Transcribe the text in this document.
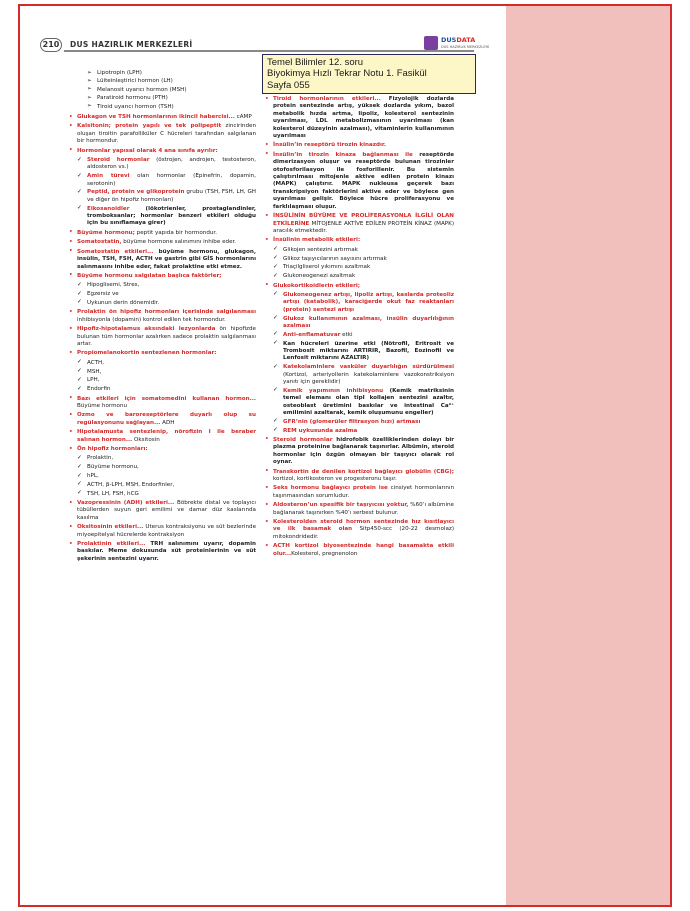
210	DUS HAZIRLIK MERKEZLERİ	DUSDATA
DUS HAZIRLIK MERKEZLERİ
Temel Bilimler 12. soru
Biyokimya Hızlı Tekrar Notu 1. Fasikül
Sayfa 055
➢ Lipotropin (LPH)
➢ Lüiteinleştirici hormon (LH)
➢ Melanosit uyarıcı hormon (MSH)
➢ Paratiroid hormonu (PTH)
➢ Tiroid uyarıcı hormon (TSH)
• Glukagon ve TSH hormonlarının ikincil habercisi... cAMP
• Kalsitonin; protein yapılı ve tek polipeptit zincirinden oluşan tiroitin parafolliküler C hücreleri tarafından salgılanan bir hormondur.
• Hormonlar yapısal olarak 4 ana sınıfa ayrılır:
✓ Steroid hormonlar (östrojen, androjen, testosteron, aldosteron vs.)
✓ Amin türevi olan hormonlar (Epinefrin, dopamin, serotonin)
✓ Peptid, protein ve glikoprotein grubu (TSH, FSH, LH, GH ve diğer ön hipofiz hormonları)
✓ Eikosanoidler (lökotrienler, prostaglandinler, tromboksanlar; hormonlar benzeri etkileri olduğu için bu sınıflamaya girer)
• Büyüme hormonu; peptit yapıda bir hormondur.
• Somatostatin, büyüme hormone salınımını inhibe eder.
• Somatostatin etkileri... büyüme hormonu, glukagon, insülin, TSH, FSH, ACTH ve gastrin gibi GİS hormonlarını salınmasını inhibe eder, fakat prolaktine etki etmez.
• Büyüme hormonu salgılatan başlıca faktörler;
✓ Hipoglisemi, Stres,
✓ Egzersiz ve
✓ Uykunun derin dönemidir.
• Prolaktin ön hipofiz hormonları içerisinde salgılanması inhibisyonla (dopamin) kontrol edilen tek hormondur.
• Hipofiz-hipotalamus aksındaki lezyonlarda ön hipofizde bulunan tüm hormonlar azalırken sadece prolaktin salgılanması artar.
• Propiomelanokortin sentezlenen hormonlar:
✓ ACTH,
✓ MSH,
✓ LPH,
✓ Endorfin
• Bazı etkileri için somatomedini kullanan hormon... Büyüme hormonu
• Ozmo ve baroreseptörlere duyarlı olup su regülasyonunu sağlayan... ADH
• Hipotalamusta sentezlenip, nörofizin I ile beraber salınan hormon... Oksitosin
• Ön hipofiz hormonları:
✓ Prolaktin,
✓ Büyüme hormonu,
✓ hPL,
✓ ACTH, β-LPH, MSH, Endorfinler,
✓ TSH, LH, FSH, hCG
• Vazopressinin (ADH) etkileri... Böbrekte distal ve toplayıcı tübüllerden suyun geri emilimi ve damar düz kaslarında kasılma
• Oksitosinin etkileri... Uterus kontraksiyonu ve süt bezlerinde miyoepitelyal hücrelerde kontraksiyon
• Prolaktinin etkileri... TRH salınımını uyarır, dopamin baskılar. Meme dokusunda süt proteinlerinin ve süt şekerinin sentezini uyarır.
• Tiroid hormonlarının etkileri... Fizyolojik dozlarda protein sentezinde artış, yüksek dozlarda yıkım, bazol metabolik hızda artma, lipoliz, kolesterol sentezinin uyarılması, LDL metabolizmasının uyarılması (kan kolesterol düzeyinin azalması), vitaminlerin kullanımının uyarılması
• İnsülin’in reseptörü tirozin kinazdır.
• İnsülin’in tirozin kinaza bağlanması ile reseptörde dimerizasyon oluşur ve reseptörde bulunan tirozinler otofosforilasyon ile fosforillenir. Bu sistemin çalıştırılması mitojenle aktive edilen protein kinazı (MAPK) çalıştırır. MAPK nukleusa geçerek bazı transkripsiyon faktörlerini aktive eder ve böylece gen uyarılması gelişir. Böylece hücre proliferasyonu ve farklılaşması oluşur.
• İNSÜLİNİN BÜYÜME VE PROLİFERASYONLA İLGİLİ OLAN ETKİLERİNE MİTOJENLE AKTİVE EDİLEN PROTEİN KİNAZ (MAPK) aracılık etmektedir.
• İnsülinin metabolik etkileri:
✓ Glikojen sentezini artırmak
✓ Glikoz taşıyıcılarının sayısını artırmak
✓ Triaçilgliserol yıkımını azaltmak
✓ Glukoneogenezi azaltmak
• Glukokortikoidlerin etkileri;
✓ Glukoneogenez artışı, lipoliz artışı, kaslarda proteoliz artışı (katabolik), karaciğerde okut faz reaktanları (protein) sentezi artışı
✓ Glukoz kullanımının azalması, insülin duyarlılığının azalması
✓ Anti-enflamatuvar etki
✓ Kan hücreleri üzerine etki (Nötrofil, Eritrosit ve Trombosit miktarını ARTIRIR, Bazofil, Eozinofil ve Lenfosit miktarını AZALTIR)
✓ Katekolaminlere vasküler duyarlılığın sürdürülmesi (Kortizol, arteriyollerin katekolaminlere vazokonstriksiyon yanıtı için gereklidir)
✓ Kemik yapımının inhibisyonu (Kemik matriksinin temel elemanı olan tipI kollajen sentezini azaltır, osteoblast üretimini baskılar ve intestinal Ca²⁺ emilimini azaltarak, kemik oluşumunu engeller)
✓ GFR’nin (glomerüler filtrasyon hızı) artması
✓ REM uykusunda azalma
• Steroid hormonlar hidrofobik özelliklerinden dolayı bir plazma proteinine bağlanarak taşınırlar. Albümin, steroid hormonlar için özgün olmayan bir taşıyıcı olarak rol oynar.
• Transkortin de denilen kortizol bağlayıcı globülin (CBG); kortizol, kortikosteron ve progesteronu taşır.
• Seks hormonu bağlayıcı protein ise cinsiyet hormonlarının taşınmasından sorumludur.
• Aldosteron’un spesifik bir taşıyıcısı yoktur, %60’ı albümine bağlanarak taşınırken %40’ı serbest bulunur.
• Kolesterolden steroid hormon sentezinde hız kısıtlayıcı ve ilk basamak olan Sitp450-scc (20-22 desmolaz) mitokondridedir.
• ACTH kortizol biyosentezinde hangi basamakta etkili olur...Kolesterol, pregnenolon
